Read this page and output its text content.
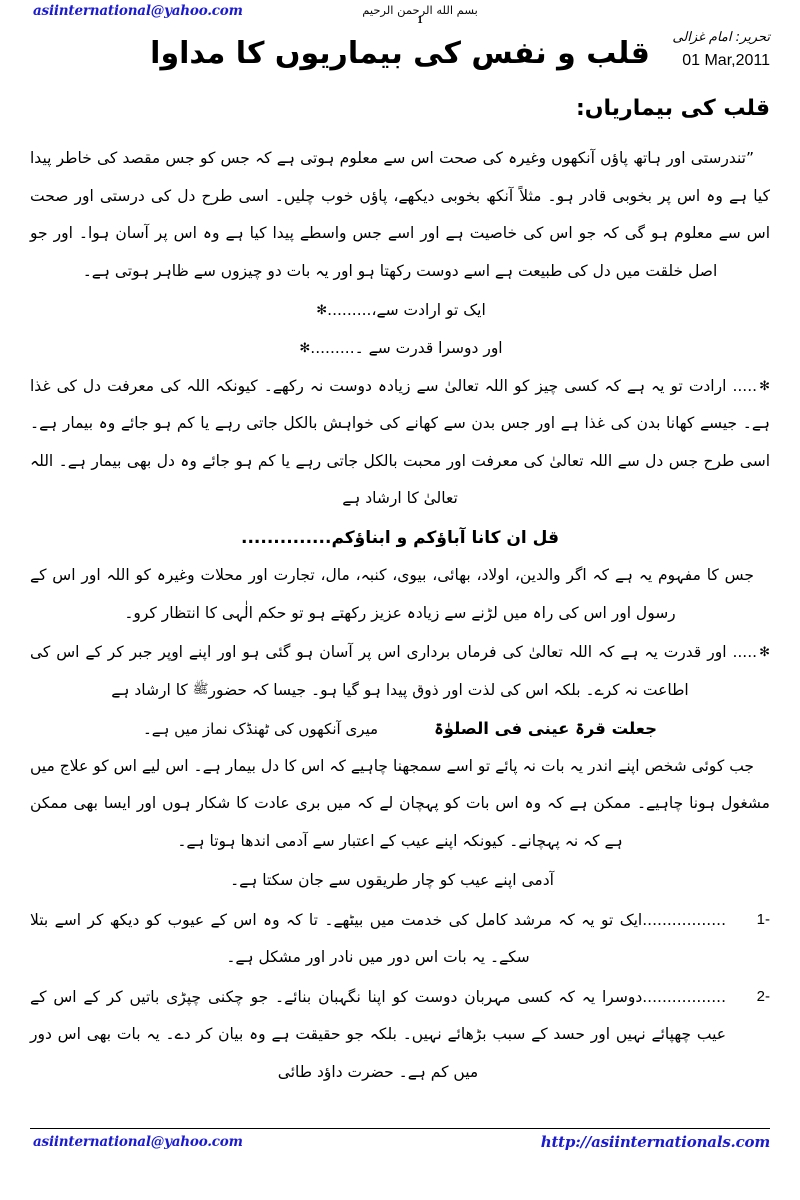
asiinternational@yahoo.com	بسم الله الرحمن الرحيم
1
تحریر: امام غزالی
01 Mar,2011
قلب و نفس کی بیماریوں کا مداوا
قلب کی بیماریاں:

”تندرستی اور ہاتھ پاؤں آنکھوں وغیرہ کی صحت اس سے معلوم ہوتی ہے کہ جس کو جس مقصد کی خاطر پیدا کیا ہے وہ اس پر بخوبی قادر ہو۔ مثلاً آنکھ بخوبی دیکھے، پاؤں خوب چلیں۔ اسی طرح دل کی درستی اور صحت اس سے معلوم ہو گی کہ جو اس کی خاصیت ہے اور اسے جس واسطے پیدا کیا ہے وہ اس پر آسان ہوا۔ اور جو اصل خلقت میں دل کی طبیعت ہے اسے دوست رکھتا ہو اور یہ بات دو چیزوں سے ظاہر ہوتی ہے۔

ایک تو ارادت سے،.........✻
اور دوسرا قدرت سے ۔.........✻

✻..... ارادت تو یہ ہے کہ کسی چیز کو اللہ تعالیٰ سے زیادہ دوست نہ رکھے۔ کیونکہ اللہ کی معرفت دل کی غذا ہے۔ جیسے کھانا بدن کی غذا ہے اور جس بدن سے کھانے کی خواہش بالکل جاتی رہے یا کم ہو جائے وہ بیمار ہے۔ اسی طرح جس دل سے اللہ تعالیٰ کی معرفت اور محبت بالکل جاتی رہے یا کم ہو جائے وہ دل بھی بیمار ہے۔ اللہ تعالیٰ کا ارشاد ہے

قل ان کانا آباؤکم و ابناؤکم..............

جس کا مفہوم یہ ہے کہ اگر والدین، اولاد، بھائی، بیوی، کنبہ، مال، تجارت اور محلات وغیرہ کو اللہ اور اس کے رسول اور اس کی راہ میں لڑنے سے زیادہ عزیز رکھتے ہو تو حکم الٰہی کا انتظار کرو۔

✻..... اور قدرت یہ ہے کہ اللہ تعالیٰ کی فرماں برداری اس پر آسان ہو گئی ہو اور اپنے اوپر جبر کر کے اس کی اطاعت نہ کرے۔ بلکہ اس کی لذت اور ذوق پیدا ہو گیا ہو۔ جیسا کہ حضورﷺ کا ارشاد ہے

جعلت قرۃ عینی فی الصلوٰۃمیری آنکھوں کی ٹھنڈک نماز میں ہے۔

جب کوئی شخص اپنے اندر یہ بات نہ پائے تو اسے سمجھنا چاہیے کہ اس کا دل بیمار ہے۔ اس لیے اس کو علاج میں مشغول ہونا چاہیے۔ ممکن ہے کہ وہ اس بات کو پہچان لے کہ میں بری عادت کا شکار ہوں اور ایسا بھی ممکن ہے کہ نہ پہچانے۔ کیونکہ اپنے عیب کے اعتبار سے آدمی اندھا ہوتا ہے۔

آدمی اپنے عیب کو چار طریقوں سے جان سکتا ہے۔

1-
.................ایک تو یہ کہ مرشد کامل کی خدمت میں بیٹھے۔ تا کہ وہ اس کے عیوب کو دیکھ کر اسے بتلا سکے۔ یہ بات اس دور میں نادر اور مشکل ہے۔
2-
.................دوسرا یہ کہ کسی مہربان دوست کو اپنا نگہبان بنائے۔ جو چکنی چپڑی باتیں کر کے اس کے عیب چھپائے نہیں اور حسد کے سبب بڑھائے نہیں۔ بلکہ جو حقیقت ہے وہ بیان کر دے۔ یہ بات بھی اس دور میں کم ہے۔ حضرت داؤد طائی
asiinternational@yahoo.com	http://asiinternationals.com
